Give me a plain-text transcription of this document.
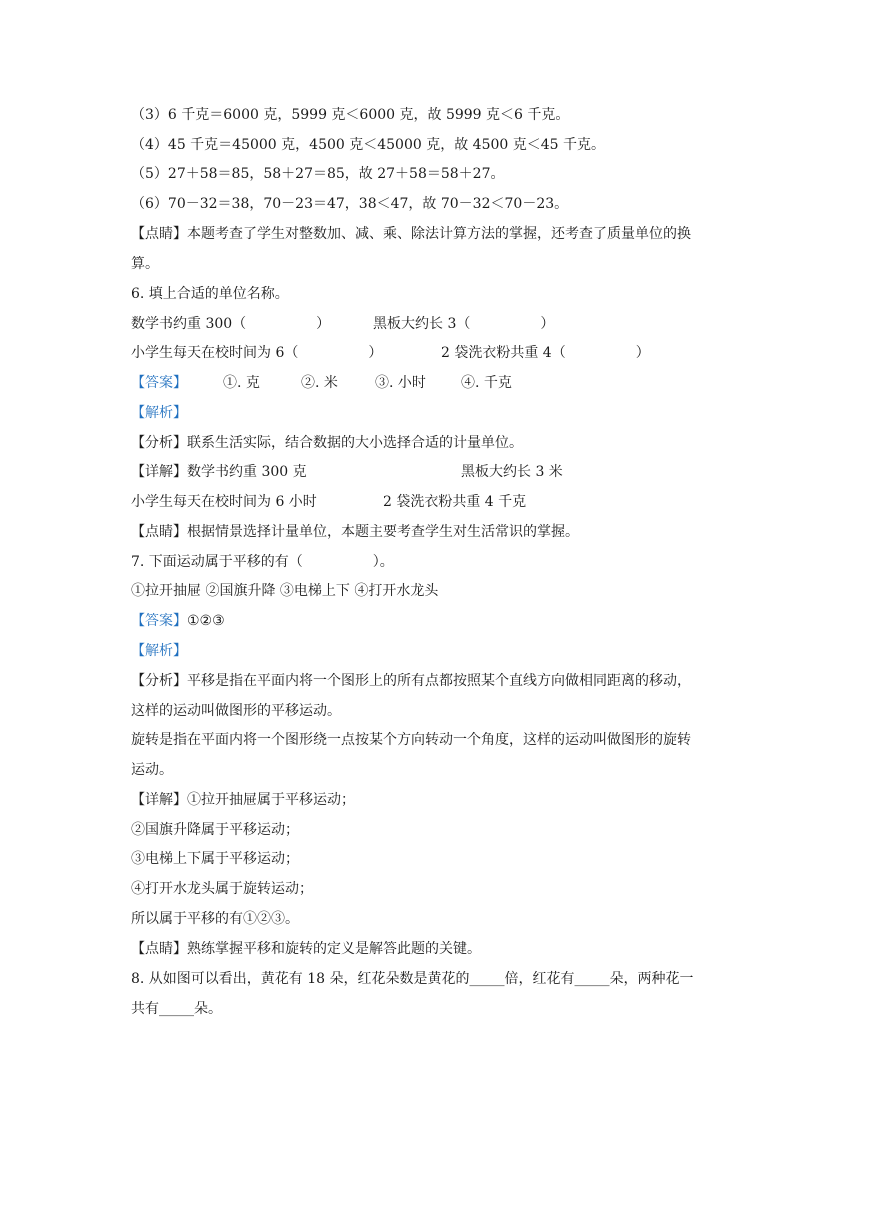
（3）6 千克＝6000 克，5999 克＜6000 克，故 5999 克＜6 千克。
（4）45 千克＝45000 克，4500 克＜45000 克，故 4500 克＜45 千克。
（5）27＋58＝85，58＋27＝85，故 27＋58＝58＋27。
（6）70－32＝38，70－23＝47，38＜47，故 70－32＜70－23。
【点睛】本题考查了学生对整数加、减、乘、除法计算方法的掌握，还考查了质量单位的换
算。
6. 填上合适的单位名称。
数学书约重 300（　　　　　）	黑板大约长 3（　　　　　）
小学生每天在校时间为 6（　　　　　）	2 袋洗衣粉共重 4（　　　　　）
【答案】	①. 克	②. 米	③. 小时	④. 千克
【解析】
【分析】联系生活实际，结合数据的大小选择合适的计量单位。
【详解】数学书约重 300 克	黑板大约长 3 米
小学生每天在校时间为 6 小时	2 袋洗衣粉共重 4 千克
【点睛】根据情景选择计量单位，本题主要考查学生对生活常识的掌握。
7. 下面运动属于平移的有（　　　　　）。
①拉开抽屉 ②国旗升降 ③电梯上下 ④打开水龙头
【答案】①②③
【解析】
【分析】平移是指在平面内将一个图形上的所有点都按照某个直线方向做相同距离的移动，
这样的运动叫做图形的平移运动。
旋转是指在平面内将一个图形绕一点按某个方向转动一个角度，这样的运动叫做图形的旋转
运动。
【详解】①拉开抽屉属于平移运动；
②国旗升降属于平移运动；
③电梯上下属于平移运动；
④打开水龙头属于旋转运动；
所以属于平移的有①②③。
【点睛】熟练掌握平移和旋转的定义是解答此题的关键。
8. 从如图可以看出，黄花有 18 朵，红花朵数是黄花的_____倍，红花有_____朵，两种花一
共有_____朵。
